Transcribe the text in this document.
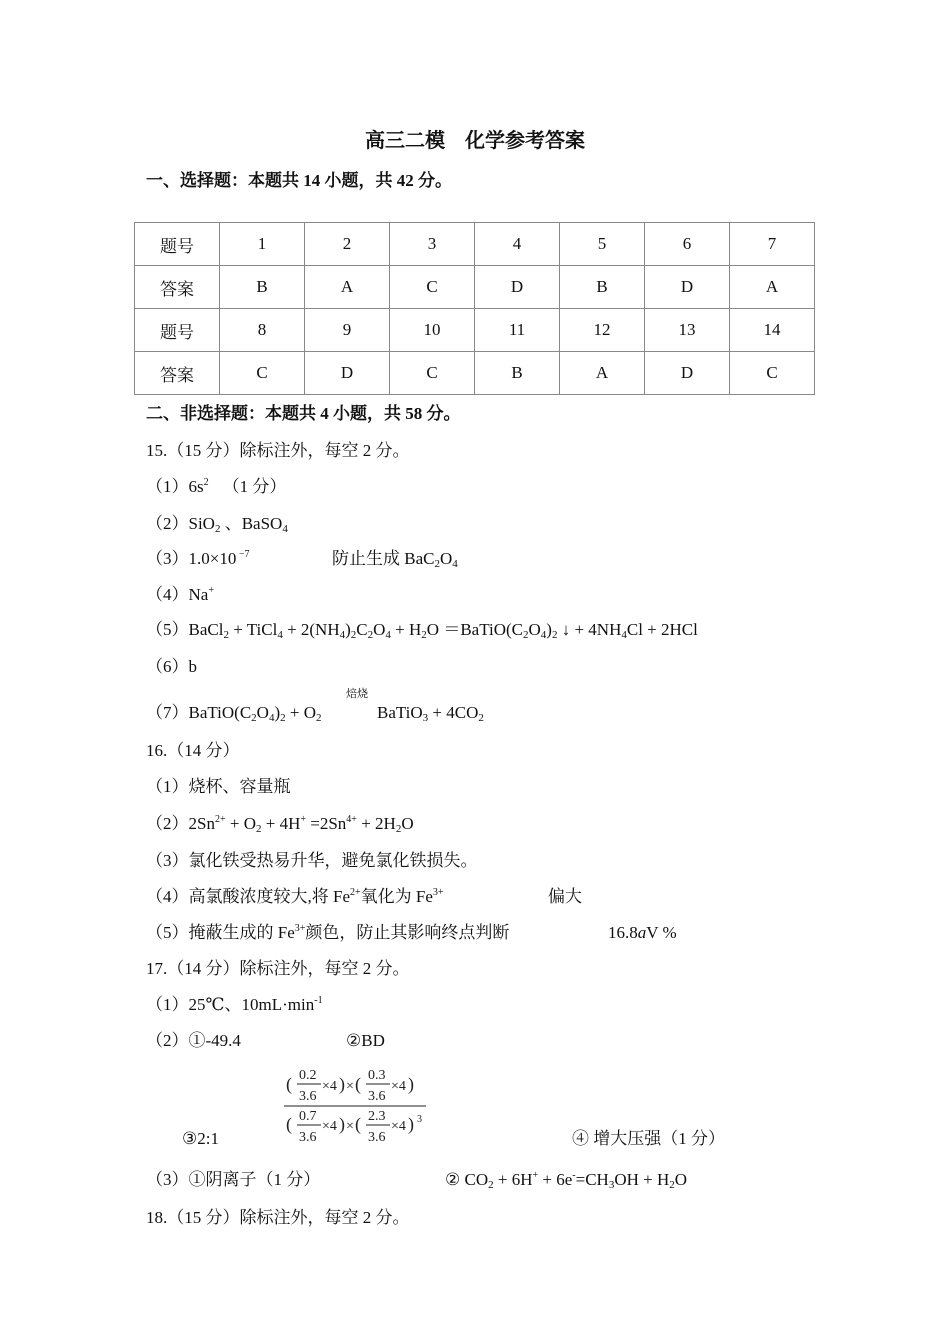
高三二模　化学参考答案
一、选择题：本题共 14 小题，共 42 分。
题号	1	2	3	4	5	6	7
答案	B	A	C	D	B	D	A
题号	8	9	10	11	12	13	14
答案	C	D	C	B	A	D	C
二、非选择题：本题共 4 小题，共 58 分。
15.（15 分）除标注外，每空 2 分。
$(1)6s^2$ （1 分）
（2）SiO$_2$ 、BaSO$_4$
（3）1.0×10 $^{-7}$	防止生成 $BaC_2O_4$
（4）Na+
（5）BaCl$_2$ + TiCl$_4$ + $2(NH_4)_2C_2O_4 + H_2O$ $=BaTiO(C_2O_4)_2$ ↓ + $4NH_4Cl + 2HCl$
（6）b
焙烧
$(7)BaTiO(C_2O_4)_2 + O_2$	BaTiO$_3$ + $4CO_2$
16.（14 分）
（1）烧杯、容量瓶
$(2)2Sn^{2+} + O_2 + 4H^+ =2Sn^{4+} + 2H_2O$
（3）氯化铁受热易升华，避免氯化铁损失。
（4）高氯酸浓度较大,将 $Fe^{2+}$氧化为 $Fe^{3+}$	偏大
（5）掩蔽生成的 $Fe^{3+}$颜色，防止其影响终点判断	16.8aV %
17.（14 分）除标注外，每空 2 分。
（1）25℃、$10mL\cdot\min^{-1}$
（2）①-49.4	②BD
( 0.2
3.6
×4 ) × ( 0.3
3.6
×4 )
( 0.7
3.6
×4 ) × ( 2.3
3.6
×4 ) 3
③2:1	④ 增大压强（1 分）
（3）①阴离子（1 分）	② $CO_2 + 6H^+ + 6e^-=CH_3OH + H_2O$
18.（15 分）除标注外，每空 2 分。
